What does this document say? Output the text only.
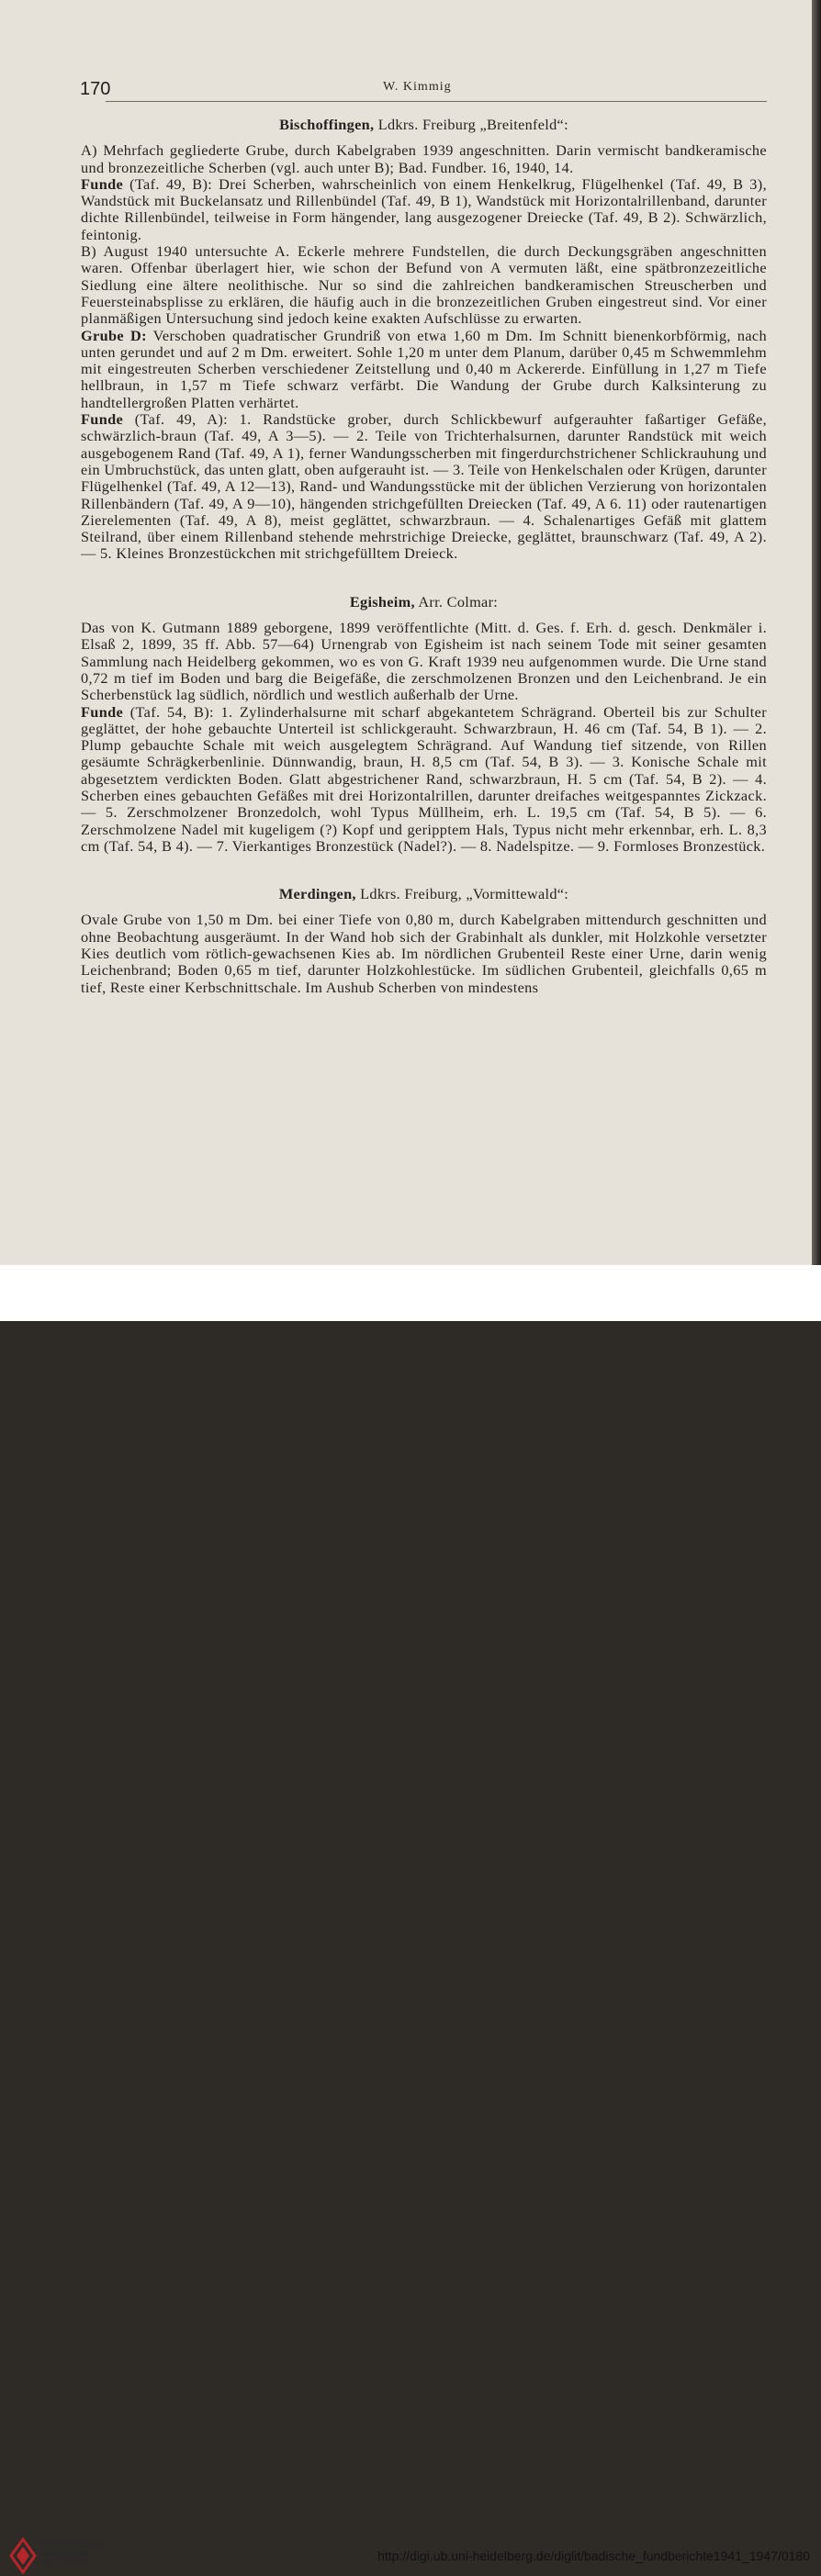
170	W. Kimmig
Bischoffingen, Ldkrs. Freiburg „Breitenfeld“:

A) Mehrfach gegliederte Grube, durch Kabelgraben 1939 angeschnitten. Darin vermischt bandkeramische und bronzezeitliche Scherben (vgl. auch unter B); Bad. Fundber. 16, 1940, 14.

Funde (Taf. 49, B): Drei Scherben, wahrscheinlich von einem Henkelkrug, Flügelhenkel (Taf. 49, B 3), Wandstück mit Buckelansatz und Rillenbündel (Taf. 49, B 1), Wandstück mit Horizontalrillenband, darunter dichte Rillenbündel, teilweise in Form hängender, lang ausgezogener Dreiecke (Taf. 49, B 2). Schwärzlich, feintonig.

B) August 1940 untersuchte A. Eckerle mehrere Fundstellen, die durch Deckungsgräben angeschnitten waren. Offenbar überlagert hier, wie schon der Befund von A vermuten läßt, eine spätbronzezeitliche Siedlung eine ältere neolithische. Nur so sind die zahlreichen bandkeramischen Streuscherben und Feuersteinabsplisse zu erklären, die häufig auch in die bronzezeitlichen Gruben eingestreut sind. Vor einer planmäßigen Untersuchung sind jedoch keine exakten Aufschlüsse zu erwarten.

Grube D: Verschoben quadratischer Grundriß von etwa 1,60 m Dm. Im Schnitt bienenkorbförmig, nach unten gerundet und auf 2 m Dm. erweitert. Sohle 1,20 m unter dem Planum, darüber 0,45 m Schwemmlehm mit eingestreuten Scherben verschiedener Zeitstellung und 0,40 m Ackererde. Einfüllung in 1,27 m Tiefe hellbraun, in 1,57 m Tiefe schwarz verfärbt. Die Wandung der Grube durch Kalksinterung zu handtellergroßen Platten verhärtet.

Funde (Taf. 49, A): 1. Randstücke grober, durch Schlickbewurf aufgerauhter faßartiger Gefäße, schwärzlich-braun (Taf. 49, A 3—5). — 2. Teile von Trichterhalsurnen, darunter Randstück mit weich ausgebogenem Rand (Taf. 49, A 1), ferner Wandungsscherben mit fingerdurchstrichener Schlickrauhung und ein Umbruchstück, das unten glatt, oben aufgerauht ist. — 3. Teile von Henkelschalen oder Krügen, darunter Flügelhenkel (Taf. 49, A 12—13), Rand- und Wandungsstücke mit der üblichen Verzierung von horizontalen Rillenbändern (Taf. 49, A 9—10), hängenden strichgefüllten Dreiecken (Taf. 49, A 6. 11) oder rautenartigen Zierelementen (Taf. 49, A 8), meist geglättet, schwarzbraun. — 4. Schalenartiges Gefäß mit glattem Steilrand, über einem Rillenband stehende mehrstrichige Dreiecke, geglättet, braunschwarz (Taf. 49, A 2). — 5. Kleines Bronzestückchen mit strichgefülltem Dreieck.

Egisheim, Arr. Colmar:

Das von K. Gutmann 1889 geborgene, 1899 veröffentlichte (Mitt. d. Ges. f. Erh. d. gesch. Denkmäler i. Elsaß 2, 1899, 35 ff. Abb. 57—64) Urnengrab von Egisheim ist nach seinem Tode mit seiner gesamten Sammlung nach Heidelberg gekommen, wo es von G. Kraft 1939 neu aufgenommen wurde. Die Urne stand 0,72 m tief im Boden und barg die Beigefäße, die zerschmolzenen Bronzen und den Leichenbrand. Je ein Scherbenstück lag südlich, nördlich und westlich außerhalb der Urne.

Funde (Taf. 54, B): 1. Zylinderhalsurne mit scharf abgekantetem Schrägrand. Oberteil bis zur Schulter geglättet, der hohe gebauchte Unterteil ist schlickgerauht. Schwarzbraun, H. 46 cm (Taf. 54, B 1). — 2. Plump gebauchte Schale mit weich ausgelegtem Schrägrand. Auf Wandung tief sitzende, von Rillen gesäumte Schrägkerbenlinie. Dünnwandig, braun, H. 8,5 cm (Taf. 54, B 3). — 3. Konische Schale mit abgesetztem verdickten Boden. Glatt abgestrichener Rand, schwarzbraun, H. 5 cm (Taf. 54, B 2). — 4. Scherben eines gebauchten Gefäßes mit drei Horizontalrillen, darunter dreifaches weitgespanntes Zickzack. — 5. Zerschmolzener Bronzedolch, wohl Typus Müllheim, erh. L. 19,5 cm (Taf. 54, B 5). — 6. Zerschmolzene Nadel mit kugeligem (?) Kopf und geripptem Hals, Typus nicht mehr erkennbar, erh. L. 8,3 cm (Taf. 54, B 4). — 7. Vierkantiges Bronzestück (Nadel?). — 8. Nadelspitze. — 9. Formloses Bronzestück.

Merdingen, Ldkrs. Freiburg, „Vormittewald“:

Ovale Grube von 1,50 m Dm. bei einer Tiefe von 0,80 m, durch Kabelgraben mittendurch geschnitten und ohne Beobachtung ausgeräumt. In der Wand hob sich der Grabinhalt als dunkler, mit Holzkohle versetzter Kies deutlich vom rötlich-gewachsenen Kies ab. Im nördlichen Grubenteil Reste einer Urne, darin wenig Leichenbrand; Boden 0,65 m tief, darunter Holzkohlestücke. Im südlichen Grubenteil, gleichfalls 0,65 m tief, Reste einer Kerbschnittschale. Im Aushub Scherben von mindestens

UNIVERSITÄTS-
BIBLIOTHEK
HEIDELBERG	http://digi.ub.uni-heidelberg.de/diglit/badische_fundberichte1941_1947/0180
